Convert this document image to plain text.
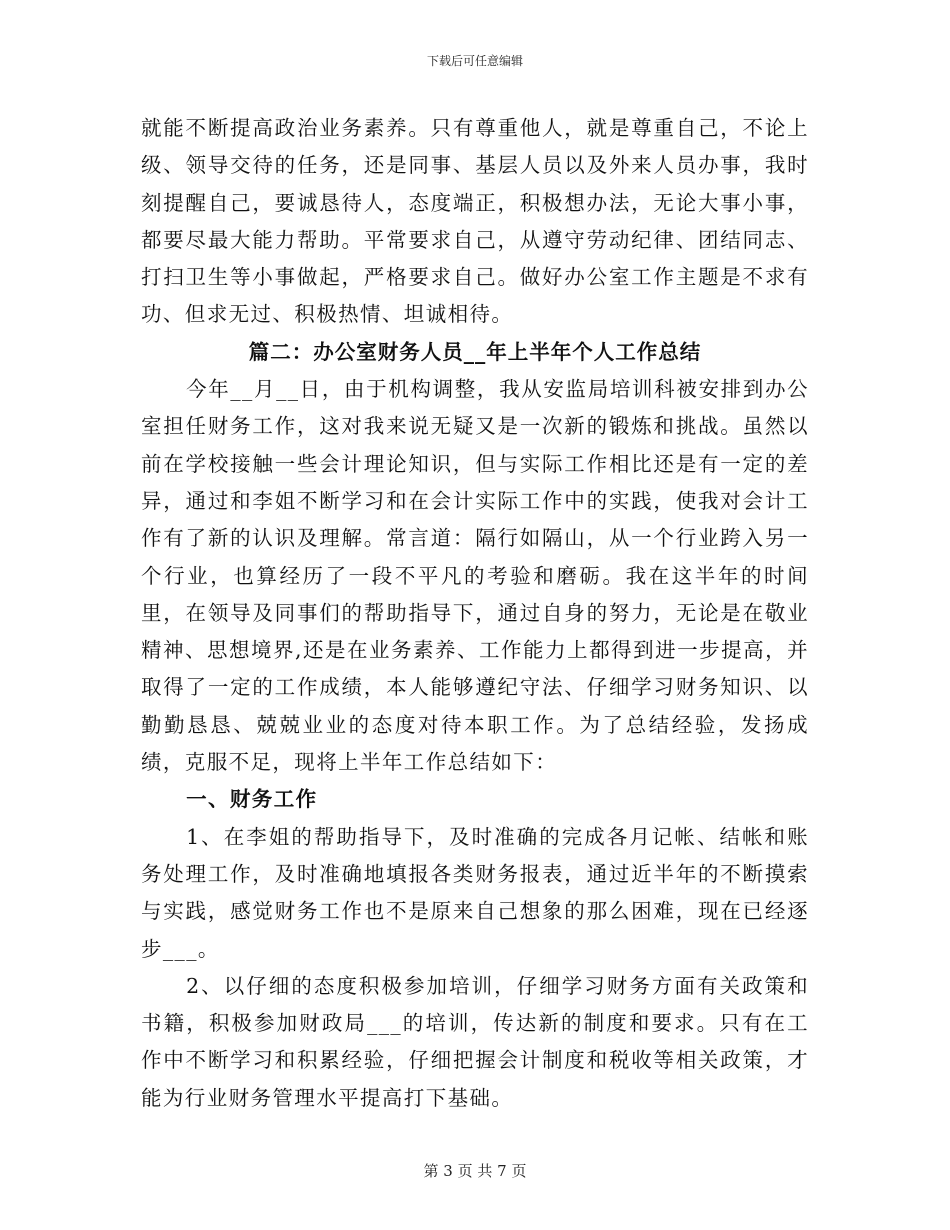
下载后可任意编辑

就能不断提高政治业务素养。只有尊重他人，就是尊重自己，不论上级、领导交待的任务，还是同事、基层人员以及外来人员办事，我时刻提醒自己，要诚恳待人，态度端正，积极想办法，无论大事小事，都要尽最大能力帮助。平常要求自己，从遵守劳动纪律、团结同志、打扫卫生等小事做起，严格要求自己。做好办公室工作主题是不求有功、但求无过、积极热情、坦诚相待。

篇二：办公室财务人员__年上半年个人工作总结

今年__月__日，由于机构调整，我从安监局培训科被安排到办公室担任财务工作，这对我来说无疑又是一次新的锻炼和挑战。虽然以前在学校接触一些会计理论知识，但与实际工作相比还是有一定的差异，通过和李姐不断学习和在会计实际工作中的实践，使我对会计工作有了新的认识及理解。常言道：隔行如隔山，从一个行业跨入另一个行业，也算经历了一段不平凡的考验和磨砺。我在这半年的时间里，在领导及同事们的帮助指导下，通过自身的努力，无论是在敬业精神、思想境界,还是在业务素养、工作能力上都得到进一步提高，并取得了一定的工作成绩，本人能够遵纪守法、仔细学习财务知识、以勤勤恳恳、兢兢业业的态度对待本职工作。为了总结经验，发扬成绩，克服不足，现将上半年工作总结如下：

一、财务工作

1、在李姐的帮助指导下，及时准确的完成各月记帐、结帐和账务处理工作，及时准确地填报各类财务报表，通过近半年的不断摸索与实践，感觉财务工作也不是原来自己想象的那么困难，现在已经逐步___。

2、以仔细的态度积极参加培训，仔细学习财务方面有关政策和书籍，积极参加财政局___的培训，传达新的制度和要求。只有在工作中不断学习和积累经验，仔细把握会计制度和税收等相关政策，才能为行业财务管理水平提高打下基础。

第 3 页 共 7 页
